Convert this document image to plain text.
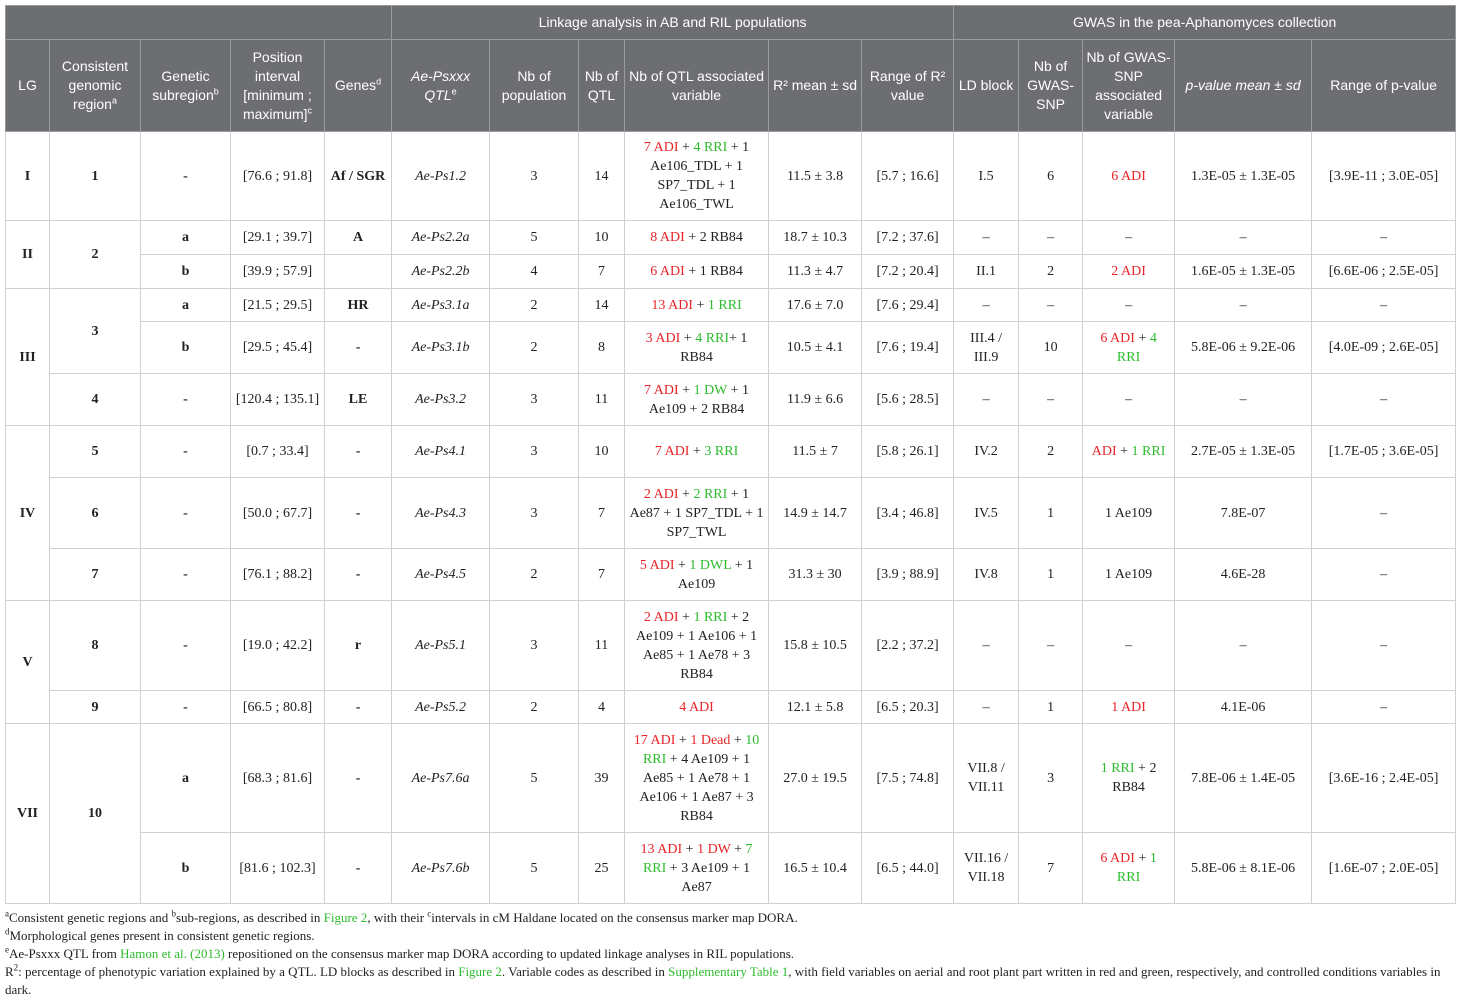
					Linkage analysis in AB and RIL populations						GWAS in the pea-Aphanomyces collection				
LG	Consistent genomic region$^a$	Genetic subregion$^b$	Position interval [minimum ; maximum]$^c$	Genes$^d$	Ae-Psxxx QTL$^e$	Nb of population	Nb of QTL	Nb of QTL associated variable	R² mean ± sd	Range of R² value	LD block	Nb of GWAS-SNP	Nb of GWAS-SNP associated variable	p-value mean ± sd	Range of p-value
I	1	-	[76.6 ; 91.8]	Af / SGR	Ae-Ps1.2	3	14	7 ADI + 4 RRI + 1 Ae106_TDL + 1 SP7_TDL + 1 Ae106_TWL	11.5 ± 3.8	[5.7 ; 16.6]	I.5	6	6 ADI	1.3E-05 ± 1.3E-05	[3.9E-11 ; 3.0E-05]
II	2	a	[29.1 ; 39.7]	A	Ae-Ps2.2a	5	10	8 ADI + 2 RB84	18.7 ± 10.3	[7.2 ; 37.6]	–	–	–	–	–
		b	[39.9 ; 57.9]		Ae-Ps2.2b	4	7	6 ADI + 1 RB84	11.3 ± 4.7	[7.2 ; 20.4]	II.1	2	2 ADI	1.6E-05 ± 1.3E-05	[6.6E-06 ; 2.5E-05]
III	3	a	[21.5 ; 29.5]	HR	Ae-Ps3.1a	2	14	13 ADI + 1 RRI	17.6 ± 7.0	[7.6 ; 29.4]	–	–	–	–	–
		b	[29.5 ; 45.4]	-	Ae-Ps3.1b	2	8	3 ADI + 4 RRI+ 1 RB84	10.5 ± 4.1	[7.6 ; 19.4]	III.4 / III.9	10	6 ADI + 4 RRI	5.8E-06 ± 9.2E-06	[4.0E-09 ; 2.6E-05]
	4	-	[120.4 ; 135.1]	LE	Ae-Ps3.2	3	11	7 ADI + 1 DW + 1 Ae109 + 2 RB84	11.9 ± 6.6	[5.6 ; 28.5]	–	–	–	–	–
IV	5	-	[0.7 ; 33.4]	-	Ae-Ps4.1	3	10	7 ADI + 3 RRI	11.5 ± 7	[5.8 ; 26.1]	IV.2	2	ADI + 1 RRI	2.7E-05 ± 1.3E-05	[1.7E-05 ; 3.6E-05]
	6	-	[50.0 ; 67.7]	-	Ae-Ps4.3	3	7	2 ADI + 2 RRI + 1 Ae87 + 1 SP7_TDL + 1 SP7_TWL	14.9 ± 14.7	[3.4 ; 46.8]	IV.5	1	1 Ae109	7.8E-07	–
	7	-	[76.1 ; 88.2]	-	Ae-Ps4.5	2	7	5 ADI + 1 DWL + 1 Ae109	31.3 ± 30	[3.9 ; 88.9]	IV.8	1	1 Ae109	4.6E-28	–
V	8	-	[19.0 ; 42.2]	r	Ae-Ps5.1	3	11	2 ADI + 1 RRI + 2 Ae109 + 1 Ae106 + 1 Ae85 + 1 Ae78 + 3 RB84	15.8 ± 10.5	[2.2 ; 37.2]	–	–	–	–	–
	9	-	[66.5 ; 80.8]	-	Ae-Ps5.2	2	4	4 ADI	12.1 ± 5.8	[6.5 ; 20.3]	–	1	1 ADI	4.1E-06	–
VII	10	a	[68.3 ; 81.6]	-	Ae-Ps7.6a	5	39	17 ADI + 1 Dead + 10 RRI + 4 Ae109 + 1 Ae85 + 1 Ae78 + 1 Ae106 + 1 Ae87 + 3 RB84	27.0 ± 19.5	[7.5 ; 74.8]	VII.8 / VII.11	3	1 RRI + 2 RB84	7.8E-06 ± 1.4E-05	[3.6E-16 ; 2.4E-05]
		b	[81.6 ; 102.3]	-	Ae-Ps7.6b	5	25	13 ADI + 1 DW + 7 RRI + 3 Ae109 + 1 Ae87	16.5 ± 10.4	[6.5 ; 44.0]	VII.16 / VII.18	7	6 ADI + 1 RRI	5.8E-06 ± 8.1E-06	[1.6E-07 ; 2.0E-05]

$^a$Consistent genetic regions and $^b$sub-regions, as described in Figure 2, with their $^c$intervals in cM Haldane located on the consensus marker map DORA.

$^d$Morphological genes present in consistent genetic regions.

$^e$Ae-Psxxx QTL from Hamon et al. (2013) repositioned on the consensus marker map DORA according to updated linkage analyses in RIL populations.

$R^2$: percentage of phenotypic variation explained by a QTL. LD blocks as described in Figure 2. Variable codes as described in Supplementary Table 1, with field variables on aerial and root plant part written in red and green, respectively, and controlled conditions variables in dark.
